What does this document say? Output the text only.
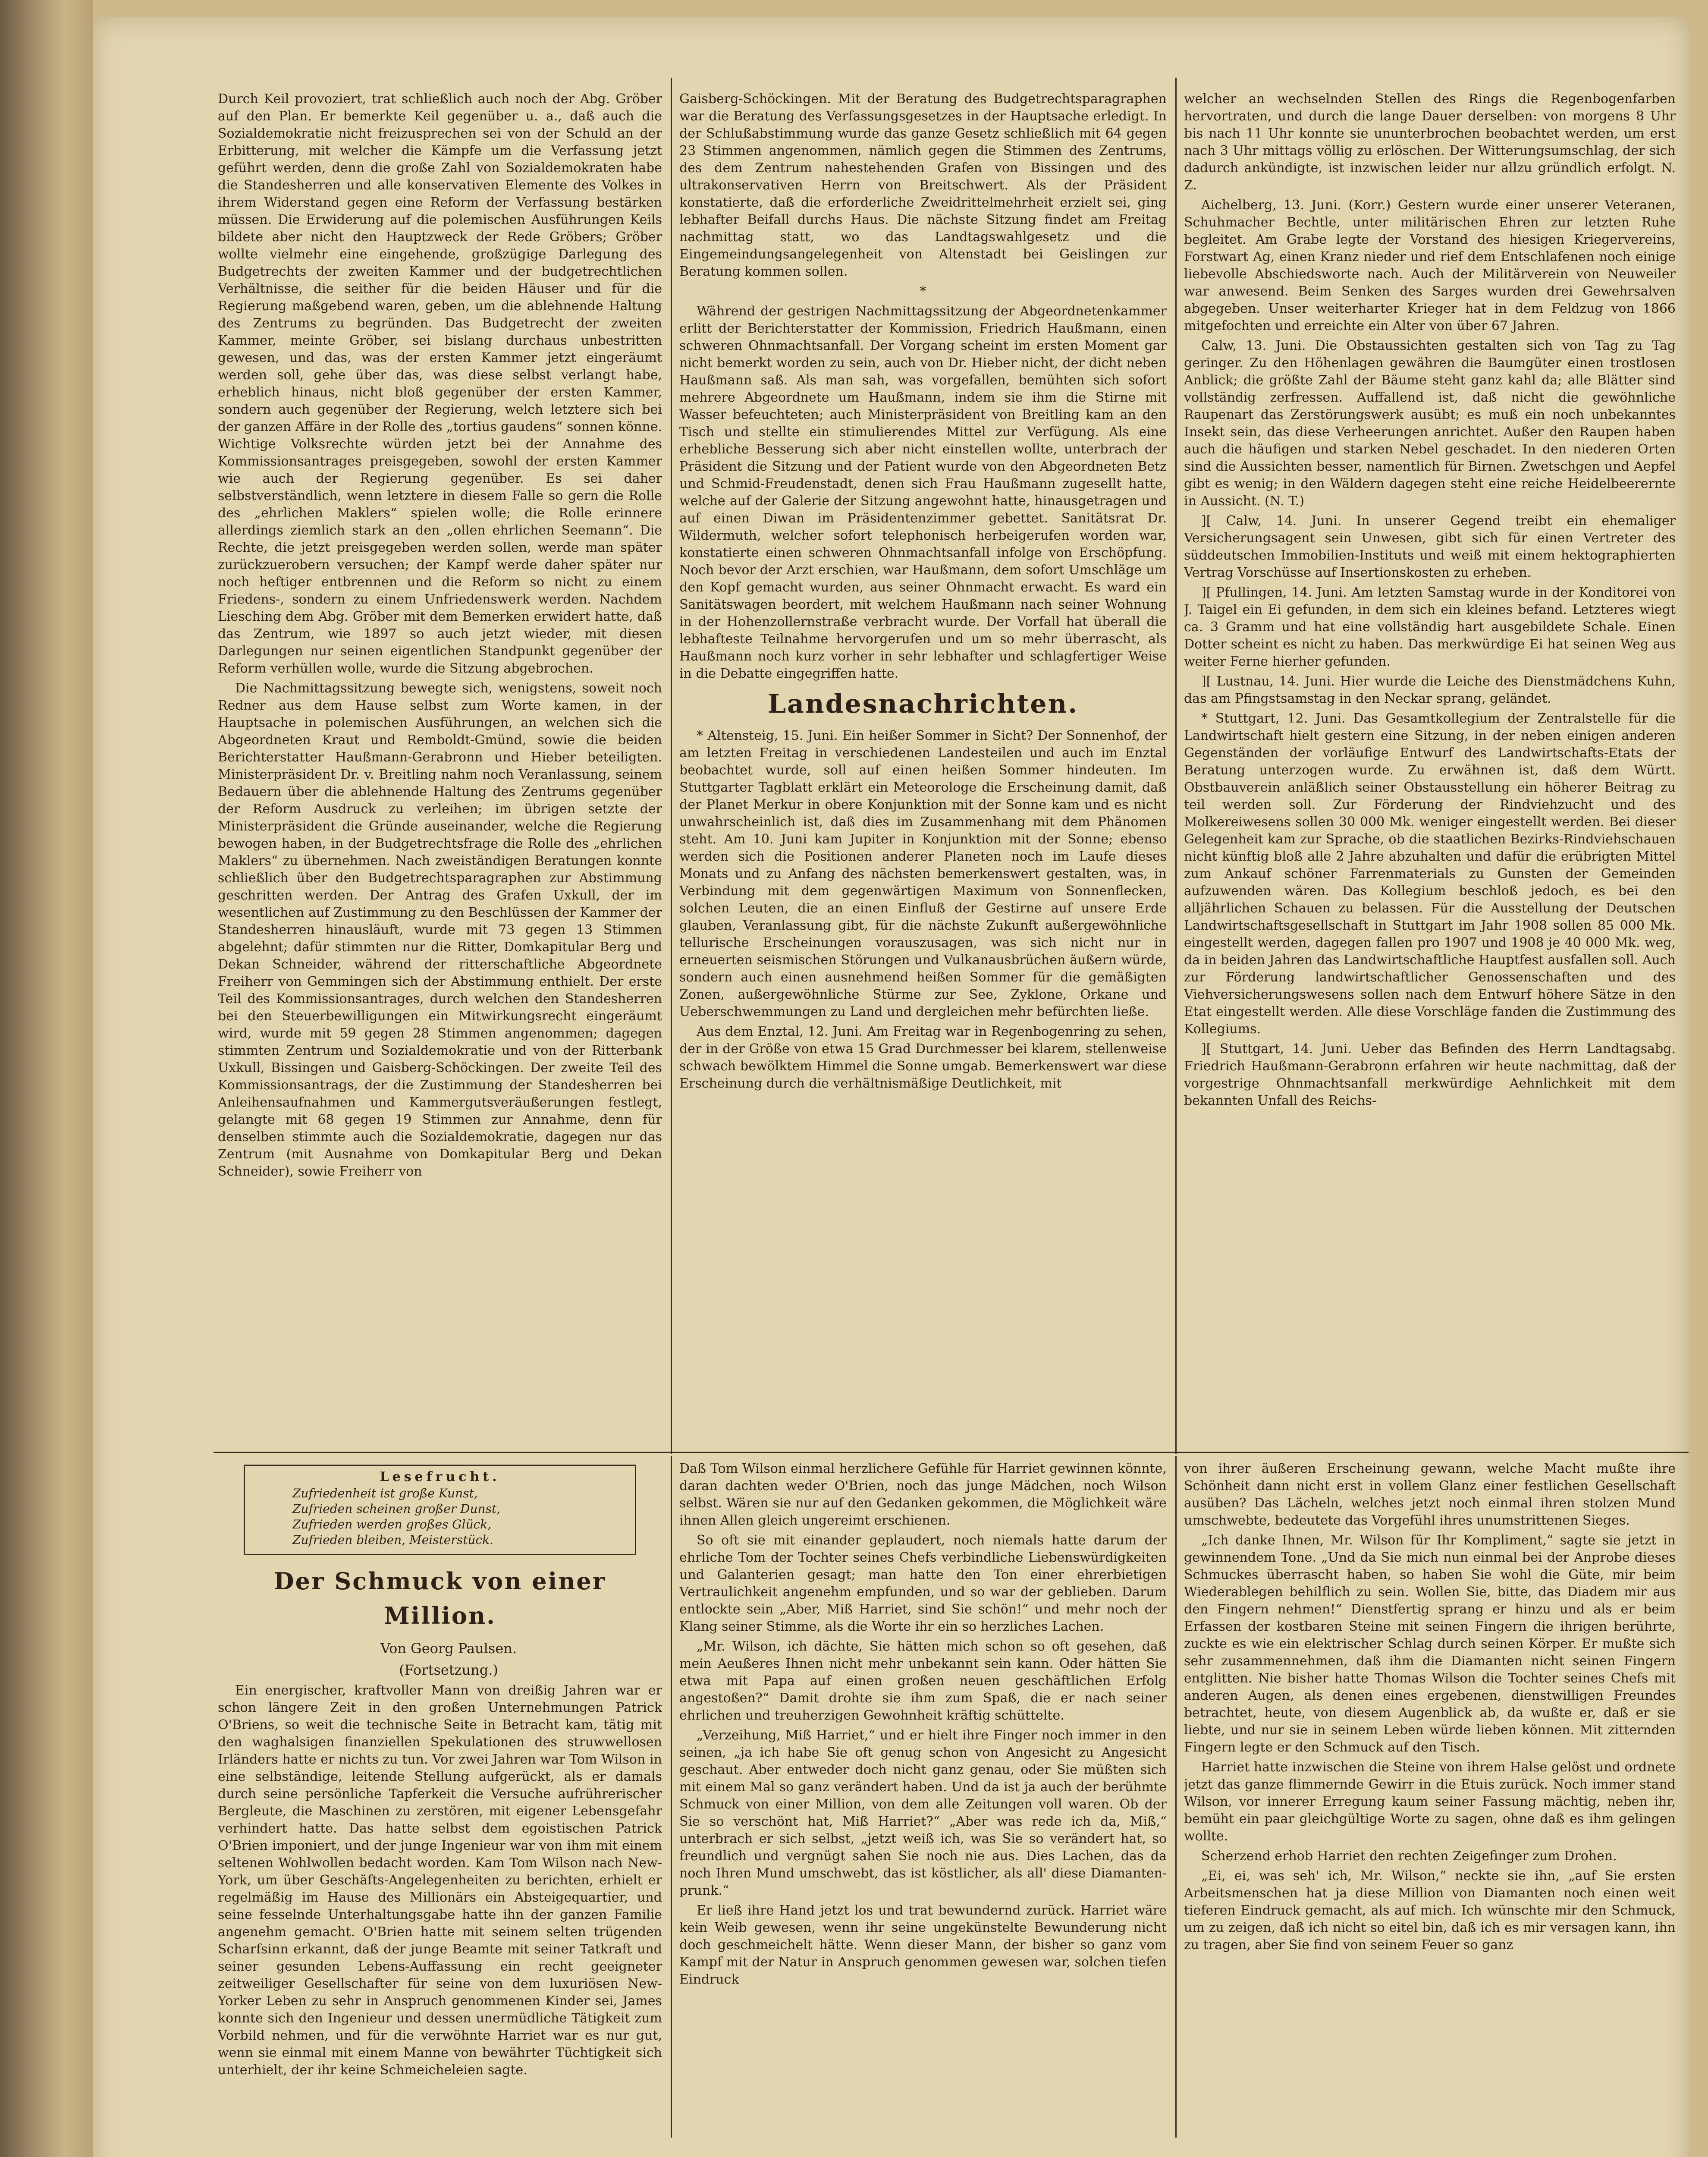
Durch Keil provoziert, trat schließlich auch noch der Abg. Gröber auf den Plan. Er bemerkte Keil gegenüber u. a., daß auch die Sozialdemokratie nicht freizusprechen sei von der Schuld an der Erbitterung, mit welcher die Kämpfe um die Verfassung jetzt geführt werden, denn die große Zahl von Sozialdemokraten habe die Standesherren und alle konservativen Elemente des Volkes in ihrem Widerstand gegen eine Reform der Verfassung bestärken müssen. Die Erwiderung auf die polemischen Ausführungen Keils bildete aber nicht den Hauptzweck der Rede Gröbers; Gröber wollte vielmehr eine eingehende, großzügige Darlegung des Budgetrechts der zweiten Kammer und der budgetrechtlichen Verhältnisse, die seither für die beiden Häuser und für die Regierung maßgebend waren, geben, um die ablehnende Haltung des Zentrums zu begründen. Das Budgetrecht der zweiten Kammer, meinte Gröber, sei bislang durchaus unbestritten gewesen, und das, was der ersten Kammer jetzt eingeräumt werden soll, gehe über das, was diese selbst verlangt habe, erheblich hinaus, nicht bloß gegenüber der ersten Kammer, sondern auch gegenüber der Regierung, welch letztere sich bei der ganzen Affäre in der Rolle des „tortius gaudens“ sonnen könne. Wichtige Volksrechte würden jetzt bei der Annahme des Kommissionsantrages preisgegeben, sowohl der ersten Kammer wie auch der Regierung gegenüber. Es sei daher selbstverständlich, wenn letztere in diesem Falle so gern die Rolle des „ehrlichen Maklers“ spielen wolle; die Rolle erinnere allerdings ziemlich stark an den „ollen ehrlichen Seemann“. Die Rechte, die jetzt preisgegeben werden sollen, werde man später zurückzuerobern versuchen; der Kampf werde daher später nur noch heftiger entbrennen und die Reform so nicht zu einem Friedens-, sondern zu einem Unfriedenswerk werden. Nachdem Liesching dem Abg. Gröber mit dem Bemerken erwidert hatte, daß das Zentrum, wie 1897 so auch jetzt wieder, mit diesen Darlegungen nur seinen eigentlichen Standpunkt gegenüber der Reform verhüllen wolle, wurde die Sitzung abgebrochen.

Die Nachmittagssitzung bewegte sich, wenigstens, soweit noch Redner aus dem Hause selbst zum Worte kamen, in der Hauptsache in polemischen Ausführungen, an welchen sich die Abgeordneten Kraut und Remboldt-Gmünd, sowie die beiden Berichterstatter Haußmann-Gerabronn und Hieber beteiligten. Ministerpräsident Dr. v. Breitling nahm noch Veranlassung, seinem Bedauern über die ablehnende Haltung des Zentrums gegenüber der Reform Ausdruck zu verleihen; im übrigen setzte der Ministerpräsident die Gründe auseinander, welche die Regierung bewogen haben, in der Budgetrechtsfrage die Rolle des „ehrlichen Maklers“ zu übernehmen. Nach zweiständigen Beratungen konnte schließlich über den Budgetrechtsparagraphen zur Abstimmung geschritten werden. Der Antrag des Grafen Uxkull, der im wesentlichen auf Zustimmung zu den Beschlüssen der Kammer der Standesherren hinausläuft, wurde mit 73 gegen 13 Stimmen abgelehnt; dafür stimmten nur die Ritter, Domkapitular Berg und Dekan Schneider, während der ritterschaftliche Abgeordnete Freiherr von Gemmingen sich der Abstimmung enthielt. Der erste Teil des Kommissionsantrages, durch welchen den Standesherren bei den Steuerbewilligungen ein Mitwirkungsrecht eingeräumt wird, wurde mit 59 gegen 28 Stimmen angenommen; dagegen stimmten Zentrum und Sozialdemokratie und von der Ritterbank Uxkull, Bissingen und Gaisberg-Schöckingen. Der zweite Teil des Kommissionsantrags, der die Zustimmung der Standesherren bei Anleihensaufnahmen und Kammergutsveräußerungen festlegt, gelangte mit 68 gegen 19 Stimmen zur Annahme, denn für denselben stimmte auch die Sozialdemokratie, dagegen nur das Zentrum (mit Ausnahme von Domkapitular Berg und Dekan Schneider), sowie Freiherr von

Gaisberg-Schöckingen. Mit der Beratung des Budgetrechtsparagraphen war die Beratung des Verfassungsgesetzes in der Hauptsache erledigt. In der Schlußabstimmung wurde das ganze Gesetz schließlich mit 64 gegen 23 Stimmen angenommen, nämlich gegen die Stimmen des Zentrums, des dem Zentrum nahestehenden Grafen von Bissingen und des ultrakonservativen Herrn von Breitschwert. Als der Präsident konstatierte, daß die erforderliche Zweidrittelmehrheit erzielt sei, ging lebhafter Beifall durchs Haus. Die nächste Sitzung findet am Freitag nachmittag statt, wo das Landtagswahlgesetz und die Eingemeindungsangelegenheit von Altenstadt bei Geislingen zur Beratung kommen sollen.

*

Während der gestrigen Nachmittagssitzung der Abgeordnetenkammer erlitt der Berichterstatter der Kommission, Friedrich Haußmann, einen schweren Ohnmachtsanfall. Der Vorgang scheint im ersten Moment gar nicht bemerkt worden zu sein, auch von Dr. Hieber nicht, der dicht neben Haußmann saß. Als man sah, was vorgefallen, bemühten sich sofort mehrere Abgeordnete um Haußmann, indem sie ihm die Stirne mit Wasser befeuchteten; auch Ministerpräsident von Breitling kam an den Tisch und stellte ein stimulierendes Mittel zur Verfügung. Als eine erhebliche Besserung sich aber nicht einstellen wollte, unterbrach der Präsident die Sitzung und der Patient wurde von den Abgeordneten Betz und Schmid-Freudenstadt, denen sich Frau Haußmann zugesellt hatte, welche auf der Galerie der Sitzung angewohnt hatte, hinausgetragen und auf einen Diwan im Präsidentenzimmer gebettet. Sanitätsrat Dr. Wildermuth, welcher sofort telephonisch herbeigerufen worden war, konstatierte einen schweren Ohnmachtsanfall infolge von Erschöpfung. Noch bevor der Arzt erschien, war Haußmann, dem sofort Umschläge um den Kopf gemacht wurden, aus seiner Ohnmacht erwacht. Es ward ein Sanitätswagen beordert, mit welchem Haußmann nach seiner Wohnung in der Hohenzollernstraße verbracht wurde. Der Vorfall hat überall die lebhafteste Teilnahme hervorgerufen und um so mehr überrascht, als Haußmann noch kurz vorher in sehr lebhafter und schlagfertiger Weise in die Debatte eingegriffen hatte.

Landesnachrichten.

* Altensteig, 15. Juni. Ein heißer Sommer in Sicht? Der Sonnenhof, der am letzten Freitag in verschiedenen Landesteilen und auch im Enztal beobachtet wurde, soll auf einen heißen Sommer hindeuten. Im Stuttgarter Tagblatt erklärt ein Meteorologe die Erscheinung damit, daß der Planet Merkur in obere Konjunktion mit der Sonne kam und es nicht unwahrscheinlich ist, daß dies im Zusammenhang mit dem Phänomen steht. Am 10. Juni kam Jupiter in Konjunktion mit der Sonne; ebenso werden sich die Positionen anderer Planeten noch im Laufe dieses Monats und zu Anfang des nächsten bemerkenswert gestalten, was, in Verbindung mit dem gegenwärtigen Maximum von Sonnenflecken, solchen Leuten, die an einen Einfluß der Gestirne auf unsere Erde glauben, Veranlassung gibt, für die nächste Zukunft außergewöhnliche tellurische Erscheinungen vorauszusagen, was sich nicht nur in erneuerten seismischen Störungen und Vulkanausbrüchen äußern würde, sondern auch einen ausnehmend heißen Sommer für die gemäßigten Zonen, außergewöhnliche Stürme zur See, Zyklone, Orkane und Ueberschwemmungen zu Land und dergleichen mehr befürchten ließe.

Aus dem Enztal, 12. Juni. Am Freitag war in Regenbogenring zu sehen, der in der Größe von etwa 15 Grad Durchmesser bei klarem, stellenweise schwach bewölktem Himmel die Sonne umgab. Bemerkenswert war diese Erscheinung durch die verhältnismäßige Deutlichkeit, mit

welcher an wechselnden Stellen des Rings die Regenbogenfarben hervortraten, und durch die lange Dauer derselben: von morgens 8 Uhr bis nach 11 Uhr konnte sie ununterbrochen beobachtet werden, um erst nach 3 Uhr mittags völlig zu erlöschen. Der Witterungsumschlag, der sich dadurch ankündigte, ist inzwischen leider nur allzu gründlich erfolgt. N. Z.

Aichelberg, 13. Juni. (Korr.) Gestern wurde einer unserer Veteranen, Schuhmacher Bechtle, unter militärischen Ehren zur letzten Ruhe begleitet. Am Grabe legte der Vorstand des hiesigen Kriegervereins, Forstwart Ag, einen Kranz nieder und rief dem Entschlafenen noch einige liebevolle Abschiedsworte nach. Auch der Militärverein von Neuweiler war anwesend. Beim Senken des Sarges wurden drei Gewehrsalven abgegeben. Unser weiterharter Krieger hat in dem Feldzug von 1866 mitgefochten und erreichte ein Alter von über 67 Jahren.

Calw, 13. Juni. Die Obstaussichten gestalten sich von Tag zu Tag geringer. Zu den Höhenlagen gewähren die Baumgüter einen trostlosen Anblick; die größte Zahl der Bäume steht ganz kahl da; alle Blätter sind vollständig zerfressen. Auffallend ist, daß nicht die gewöhnliche Raupenart das Zerstörungswerk ausübt; es muß ein noch unbekanntes Insekt sein, das diese Verheerungen anrichtet. Außer den Raupen haben auch die häufigen und starken Nebel geschadet. In den niederen Orten sind die Aussichten besser, namentlich für Birnen. Zwetschgen und Aepfel gibt es wenig; in den Wäldern dagegen steht eine reiche Heidelbeerernte in Aussicht. (N. T.)

][ Calw, 14. Juni. In unserer Gegend treibt ein ehemaliger Versicherungsagent sein Unwesen, gibt sich für einen Vertreter des süddeutschen Immobilien-Instituts und weiß mit einem hektographierten Vertrag Vorschüsse auf Insertionskosten zu erheben.

][ Pfullingen, 14. Juni. Am letzten Samstag wurde in der Konditorei von J. Taigel ein Ei gefunden, in dem sich ein kleines befand. Letzteres wiegt ca. 3 Gramm und hat eine vollständig hart ausgebildete Schale. Einen Dotter scheint es nicht zu haben. Das merkwürdige Ei hat seinen Weg aus weiter Ferne hierher gefunden.

][ Lustnau, 14. Juni. Hier wurde die Leiche des Dienstmädchens Kuhn, das am Pfingstsamstag in den Neckar sprang, geländet.

* Stuttgart, 12. Juni. Das Gesamtkollegium der Zentralstelle für die Landwirtschaft hielt gestern eine Sitzung, in der neben einigen anderen Gegenständen der vorläufige Entwurf des Landwirtschafts-Etats der Beratung unterzogen wurde. Zu erwähnen ist, daß dem Württ. Obstbauverein anläßlich seiner Obstausstellung ein höherer Beitrag zu teil werden soll. Zur Förderung der Rindviehzucht und des Molkereiwesens sollen 30 000 Mk. weniger eingestellt werden. Bei dieser Gelegenheit kam zur Sprache, ob die staatlichen Bezirks-Rindviehschauen nicht künftig bloß alle 2 Jahre abzuhalten und dafür die erübrigten Mittel zum Ankauf schöner Farrenmaterials zu Gunsten der Gemeinden aufzuwenden wären. Das Kollegium beschloß jedoch, es bei den alljährlichen Schauen zu belassen. Für die Ausstellung der Deutschen Landwirtschaftsgesellschaft in Stuttgart im Jahr 1908 sollen 85 000 Mk. eingestellt werden, dagegen fallen pro 1907 und 1908 je 40 000 Mk. weg, da in beiden Jahren das Landwirtschaftliche Hauptfest ausfallen soll. Auch zur Förderung landwirtschaftlicher Genossenschaften und des Viehversicherungswesens sollen nach dem Entwurf höhere Sätze in den Etat eingestellt werden. Alle diese Vorschläge fanden die Zustimmung des Kollegiums.

][ Stuttgart, 14. Juni. Ueber das Befinden des Herrn Landtagsabg. Friedrich Haußmann-Gerabronn erfahren wir heute nachmittag, daß der vorgestrige Ohnmachtsanfall merkwürdige Aehnlichkeit mit dem bekannten Unfall des Reichs-

Lesefrucht.
Zufriedenheit ist große Kunst,
Zufrieden scheinen großer Dunst,
Zufrieden werden großes Glück,
Zufrieden bleiben, Meisterstück.
Der Schmuck von einer Million.

Von Georg Paulsen.

(Fortsetzung.)

Ein energischer, kraftvoller Mann von dreißig Jahren war er schon längere Zeit in den großen Unternehmungen Patrick O'Briens, so weit die technische Seite in Betracht kam, tätig mit den waghalsigen finanziellen Spekulationen des struwwellosen Irländers hatte er nichts zu tun. Vor zwei Jahren war Tom Wilson in eine selbständige, leitende Stellung aufgerückt, als er damals durch seine persönliche Tapferkeit die Versuche aufrührerischer Bergleute, die Maschinen zu zerstören, mit eigener Lebensgefahr verhindert hatte. Das hatte selbst dem egoistischen Patrick O'Brien imponiert, und der junge Ingenieur war von ihm mit einem seltenen Wohlwollen bedacht worden. Kam Tom Wilson nach New-York, um über Geschäfts-Angelegenheiten zu berichten, erhielt er regelmäßig im Hause des Millionärs ein Absteigequartier, und seine fesselnde Unterhaltungsgabe hatte ihn der ganzen Familie angenehm gemacht. O'Brien hatte mit seinem selten trügenden Scharfsinn erkannt, daß der junge Beamte mit seiner Tatkraft und seiner gesunden Lebens-Auffassung ein recht geeigneter zeitweiliger Gesellschafter für seine von dem luxuriösen New-Yorker Leben zu sehr in Anspruch genommenen Kinder sei, James konnte sich den Ingenieur und dessen unermüdliche Tätigkeit zum Vorbild nehmen, und für die verwöhnte Harriet war es nur gut, wenn sie einmal mit einem Manne von bewährter Tüchtigkeit sich unterhielt, der ihr keine Schmeicheleien sagte.

Daß Tom Wilson einmal herzlichere Gefühle für Harriet gewinnen könnte, daran dachten weder O'Brien, noch das junge Mädchen, noch Wilson selbst. Wären sie nur auf den Gedanken gekommen, die Möglichkeit wäre ihnen Allen gleich ungereimt erschienen.

So oft sie mit einander geplaudert, noch niemals hatte darum der ehrliche Tom der Tochter seines Chefs verbindliche Liebenswürdigkeiten und Galanterien gesagt; man hatte den Ton einer ehrerbietigen Vertraulichkeit angenehm empfunden, und so war der geblieben. Darum entlockte sein „Aber, Miß Harriet, sind Sie schön!“ und mehr noch der Klang seiner Stimme, als die Worte ihr ein so herzliches Lachen.

„Mr. Wilson, ich dächte, Sie hätten mich schon so oft gesehen, daß mein Aeußeres Ihnen nicht mehr unbekannt sein kann. Oder hätten Sie etwa mit Papa auf einen großen neuen geschäftlichen Erfolg angestoßen?“ Damit drohte sie ihm zum Spaß, die er nach seiner ehrlichen und treuherzigen Gewohnheit kräftig schüttelte.

„Verzeihung, Miß Harriet,“ und er hielt ihre Finger noch immer in den seinen, „ja ich habe Sie oft genug schon von Angesicht zu Angesicht geschaut. Aber entweder doch nicht ganz genau, oder Sie müßten sich mit einem Mal so ganz verändert haben. Und da ist ja auch der berühmte Schmuck von einer Million, von dem alle Zeitungen voll waren. Ob der Sie so verschönt hat, Miß Harriet?“ „Aber was rede ich da, Miß,“ unterbrach er sich selbst, „jetzt weiß ich, was Sie so verändert hat, so freundlich und vergnügt sahen Sie noch nie aus. Dies Lachen, das da noch Ihren Mund umschwebt, das ist köstlicher, als all' diese Diamanten-prunk.“

Er ließ ihre Hand jetzt los und trat bewundernd zurück. Harriet wäre kein Weib gewesen, wenn ihr seine ungekünstelte Bewunderung nicht doch geschmeichelt hätte. Wenn dieser Mann, der bisher so ganz vom Kampf mit der Natur in Anspruch genommen gewesen war, solchen tiefen Eindruck

von ihrer äußeren Erscheinung gewann, welche Macht mußte ihre Schönheit dann nicht erst in vollem Glanz einer festlichen Gesellschaft ausüben? Das Lächeln, welches jetzt noch einmal ihren stolzen Mund umschwebte, bedeutete das Vorgefühl ihres unumstrittenen Sieges.

„Ich danke Ihnen, Mr. Wilson für Ihr Kompliment,“ sagte sie jetzt in gewinnendem Tone. „Und da Sie mich nun einmal bei der Anprobe dieses Schmuckes überrascht haben, so haben Sie wohl die Güte, mir beim Wiederablegen behilflich zu sein. Wollen Sie, bitte, das Diadem mir aus den Fingern nehmen!“ Dienstfertig sprang er hinzu und als er beim Erfassen der kostbaren Steine mit seinen Fingern die ihrigen berührte, zuckte es wie ein elektrischer Schlag durch seinen Körper. Er mußte sich sehr zusammennehmen, daß ihm die Diamanten nicht seinen Fingern entglitten. Nie bisher hatte Thomas Wilson die Tochter seines Chefs mit anderen Augen, als denen eines ergebenen, dienstwilligen Freundes betrachtet, heute, von diesem Augenblick ab, da wußte er, daß er sie liebte, und nur sie in seinem Leben würde lieben können. Mit zitternden Fingern legte er den Schmuck auf den Tisch.

Harriet hatte inzwischen die Steine von ihrem Halse gelöst und ordnete jetzt das ganze flimmernde Gewirr in die Etuis zurück. Noch immer stand Wilson, vor innerer Erregung kaum seiner Fassung mächtig, neben ihr, bemüht ein paar gleichgültige Worte zu sagen, ohne daß es ihm gelingen wollte.

Scherzend erhob Harriet den rechten Zeigefinger zum Drohen.

„Ei, ei, was seh' ich, Mr. Wilson,“ neckte sie ihn, „auf Sie ersten Arbeitsmenschen hat ja diese Million von Diamanten noch einen weit tieferen Eindruck gemacht, als auf mich. Ich wünschte mir den Schmuck, um zu zeigen, daß ich nicht so eitel bin, daß ich es mir versagen kann, ihn zu tragen, aber Sie find von seinem Feuer so ganz
